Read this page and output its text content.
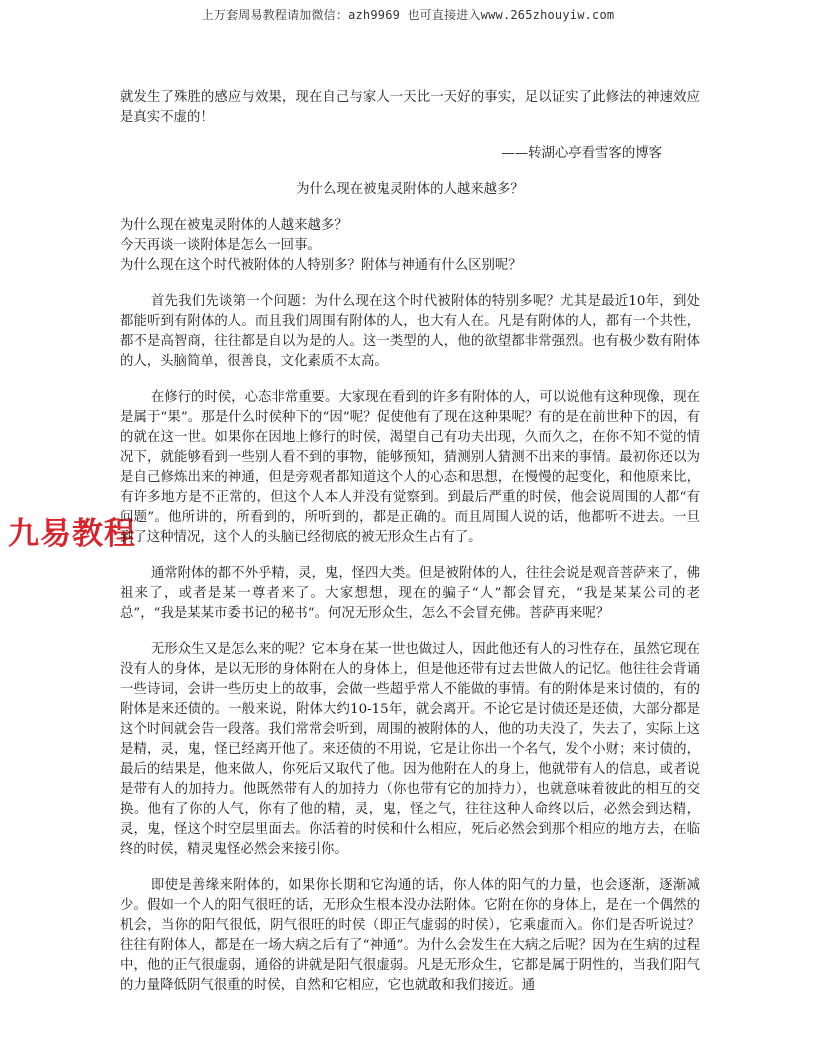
上万套周易教程请加微信：azh9969 也可直接进入www.265zhouyiw.com
九易教程

就发生了殊胜的感应与效果，现在自己与家人一天比一天好的事实，足以证实了此修法的神速效应是真实不虚的！

——转湖心亭看雪客的博客

为什么现在被鬼灵附体的人越来越多？

为什么现在被鬼灵附体的人越来越多？

今天再谈一谈附体是怎么一回事。

为什么现在这个时代被附体的人特别多？附体与神通有什么区别呢？

首先我们先谈第一个问题：为什么现在这个时代被附体的特别多呢？尤其是最近10年，到处都能听到有附体的人。而且我们周围有附体的人，也大有人在。凡是有附体的人，都有一个共性，都不是高智商，往往都是自以为是的人。这一类型的人，他的欲望都非常强烈。也有极少数有附体的人，头脑简单，很善良，文化素质不太高。

在修行的时侯，心态非常重要。大家现在看到的许多有附体的人，可以说他有这种现像，现在是属于“果”。那是什么时侯种下的“因”呢？促使他有了现在这种果呢？有的是在前世种下的因，有的就在这一世。如果你在因地上修行的时侯，渴望自己有功夫出现，久而久之，在你不知不觉的情况下，就能够看到一些别人看不到的事物，能够预知，猜测别人猜测不出来的事情。最初你还以为是自己修炼出来的神通，但是旁观者都知道这个人的心态和思想，在慢慢的起变化，和他原来比，有许多地方是不正常的，但这个人本人并没有觉察到。到最后严重的时侯，他会说周围的人都“有问题”。他所讲的，所看到的，所听到的，都是正确的。而且周围人说的话，他都听不进去。一旦到了这种情况，这个人的头脑已经彻底的被无形众生占有了。

通常附体的都不外乎精，灵，鬼，怪四大类。但是被附体的人，往往会说是观音菩萨来了，佛祖来了，或者是某一尊者来了。大家想想，现在的骗子“人”都会冒充，“我是某某公司的老总”，“我是某某市委书记的秘书“。何况无形众生，怎么不会冒充佛。菩萨再来呢？

无形众生又是怎么来的呢？它本身在某一世也做过人，因此他还有人的习性存在，虽然它现在没有人的身体，是以无形的身体附在人的身体上，但是他还带有过去世做人的记忆。他往往会背诵一些诗词，会讲一些历史上的故事，会做一些超乎常人不能做的事情。有的附体是来讨债的，有的附体是来还债的。一般来说，附体大约10-15年，就会离开。不论它是讨债还是还债，大部分都是这个时间就会告一段落。我们常常会听到，周围的被附体的人，他的功夫没了，失去了，实际上这是精，灵，鬼，怪已经离开他了。来还债的不用说，它是让你出一个名气，发个小财；来讨债的，最后的结果是，他来做人，你死后又取代了他。因为他附在人的身上，他就带有人的信息，或者说是带有人的加持力。他既然带有人的加持力（你也带有它的加持力），也就意味着彼此的相互的交换。他有了你的人气，你有了他的精，灵，鬼，怪之气，往往这种人命终以后，必然会到达精，灵，鬼，怪这个时空层里面去。你活着的时侯和什么相应，死后必然会到那个相应的地方去，在临终的时侯，精灵鬼怪必然会来接引你。

即使是善缘来附体的，如果你长期和它沟通的话，你人体的阳气的力量，也会逐渐，逐渐减少。假如一个人的阳气很旺的话，无形众生根本没办法附体。它附在你的身体上，是在一个偶然的机会，当你的阳气很低，阴气很旺的时侯（即正气虚弱的时侯），它乘虚而入。你们是否听说过？往往有附体人，都是在一场大病之后有了“神通”。为什么会发生在大病之后呢？因为在生病的过程中，他的正气很虚弱，通俗的讲就是阳气很虚弱。凡是无形众生，它都是属于阴性的，当我们阳气的力量降低阴气很重的时侯，自然和它相应，它也就敢和我们接近。通
